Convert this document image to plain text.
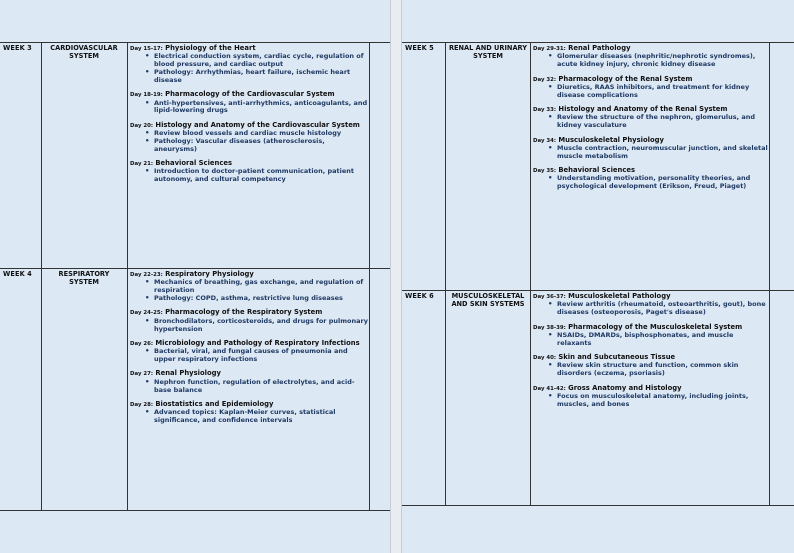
WEEK 3	CARDIOVASCULAR SYSTEM

Day 15-17: Physiology of the Heart

• Electrical conduction system, cardiac cycle, regulation of blood pressure, and cardiac output
• Pathology: Arrhythmias, heart failure, ischemic heart disease

Day 18-19: Pharmacology of the Cardiovascular System

• Anti-hypertensives, anti-arrhythmics, anticoagulants, and lipid-lowering drugs

Day 20: Histology and Anatomy of the Cardiovascular System

• Review blood vessels and cardiac muscle histology
• Pathology: Vascular diseases (atherosclerosis, aneurysms)

Day 21: Behavioral Sciences

• Introduction to doctor-patient communication, patient autonomy, and cultural competency
WEEK 4	RESPIRATORY SYSTEM

Day 22-23: Respiratory Physiology

• Mechanics of breathing, gas exchange, and regulation of respiration
• Pathology: COPD, asthma, restrictive lung diseases

Day 24-25: Pharmacology of the Respiratory System

• Bronchodilators, corticosteroids, and drugs for pulmonary hypertension

Day 26: Microbiology and Pathology of Respiratory Infections

• Bacterial, viral, and fungal causes of pneumonia and upper respiratory infections

Day 27: Renal Physiology

• Nephron function, regulation of electrolytes, and acid-base balance

Day 28: Biostatistics and Epidemiology

• Advanced topics: Kaplan-Meier curves, statistical significance, and confidence intervals
WEEK 5 RENAL AND URINARY SYSTEM

Day 29-31: Renal Pathology

• Glomerular diseases (nephritic/nephrotic syndromes), acute kidney injury, chronic kidney disease

Day 32: Pharmacology of the Renal System

• Diuretics, RAAS inhibitors, and treatment for kidney disease complications

Day 33: Histology and Anatomy of the Renal System

• Review the structure of the nephron, glomerulus, and kidney vasculature

Day 34: Musculoskeletal Physiology

• Muscle contraction, neuromuscular junction, and skeletal muscle metabolism

Day 35: Behavioral Sciences

• Understanding motivation, personality theories, and psychological development (Erikson, Freud, Piaget)
WEEK 6	MUSCULOSKELETAL AND SKIN SYSTEMS

Day 36-37: Musculoskeletal Pathology

• Review arthritis (rheumatoid, osteoarthritis, gout), bone diseases (osteoporosis, Paget's disease)

Day 38-39: Pharmacology of the Musculoskeletal System

• NSAIDs, DMARDs, bisphosphonates, and muscle relaxants

Day 40: Skin and Subcutaneous Tissue

• Review skin structure and function, common skin disorders (eczema, psoriasis)

Day 41-42: Gross Anatomy and Histology

• Focus on musculoskeletal anatomy, including joints, muscles, and bones
